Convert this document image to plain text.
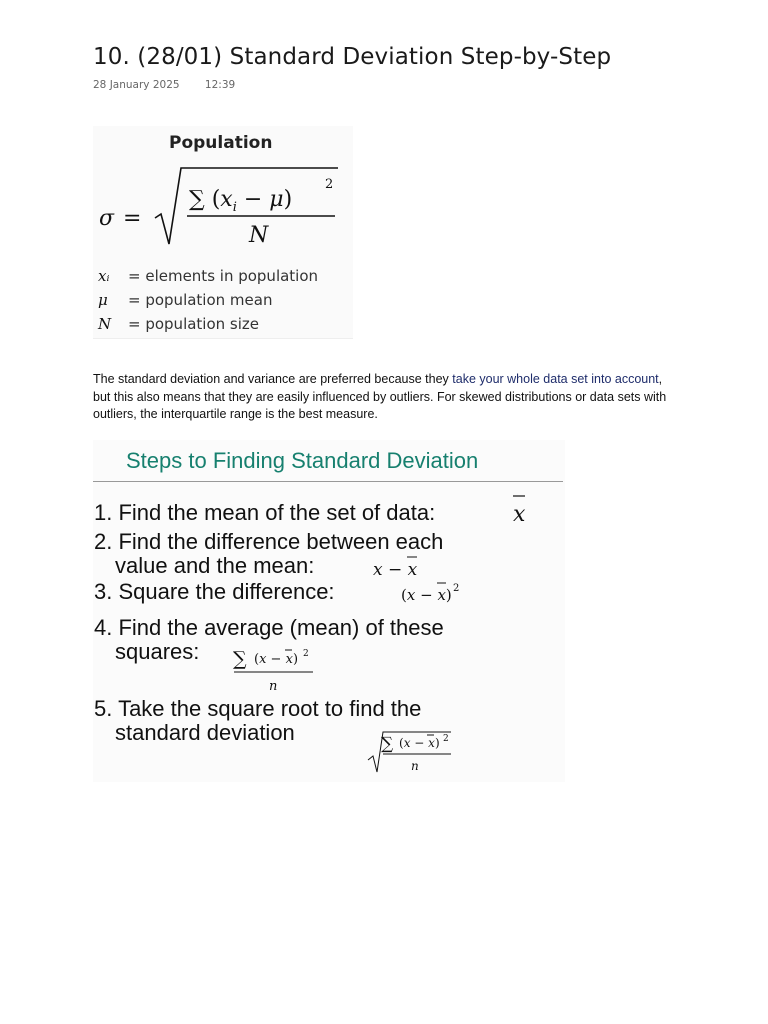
10. (28/01) Standard Deviation Step-by-Step
28 January 2025 12:39
Population
σ =
∑ $(x_i - \mu)$
2
N
xᵢ = elements in population
μ = population mean
N = population size
The standard deviation and variance are preferred because they take your whole data set into account, but this also means that they are easily influenced by outliers. For skewed distributions or data sets with outliers, the interquartile range is the best measure.
Steps to Finding Standard Deviation
1. Find the mean of the set of data:
2. Find the difference between each
value and the mean:
3. Square the difference:
4. Find the average (mean) of these
squares:
5. Take the square root to find the
standard deviation
x
x − x
(x − x) 2
∑ (x − x) 2
n
∑ (x − x) 2
n
